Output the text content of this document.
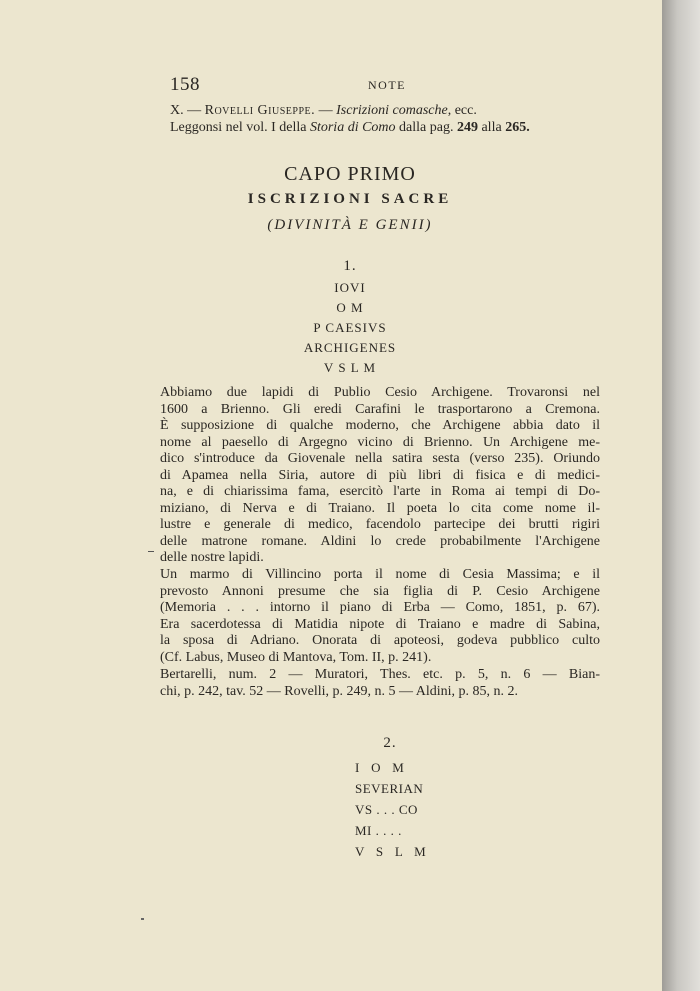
158	NOTE
X. — Rovelli Giuseppe. — Iscrizioni comasche, ecc.
Leggonsi nel vol. I della Storia di Como dalla pag. 249 alla 265.
CAPO PRIMO
ISCRIZIONI SACRE
(DIVINITÀ E GENII)
1.
IOVI
O M
P CAESIVS
ARCHIGENES
V S L M
Abbiamo due lapidi di Publio Cesio Archigene. Trovaronsi nel
1600 a Brienno. Gli eredi Carafini le trasportarono a Cremona.
È supposizione di qualche moderno, che Archigene abbia dato il
nome al paesello di Argegno vicino di Brienno. Un Archigene me-
dico s'introduce da Giovenale nella satira sesta (verso 235). Oriundo
di Apamea nella Siria, autore di più libri di fisica e di medici-
na, e di chiarissima fama, esercitò l'arte in Roma ai tempi di Do-
miziano, di Nerva e di Traiano. Il poeta lo cita come nome il-
lustre e generale di medico, facendolo partecipe dei brutti rigiri
delle matrone romane. Aldini lo crede probabilmente l'Archigene
delle nostre lapidi.
Un marmo di Villincino porta il nome di Cesia Massima; e il
prevosto Annoni presume che sia figlia di P. Cesio Archigene
(Memoria . . . intorno il piano di Erba — Como, 1851, p. 67).
Era sacerdotessa di Matidia nipote di Traiano e madre di Sabina,
la sposa di Adriano. Onorata di apoteosi, godeva pubblico culto
(Cf. Labus, Museo di Mantova, Tom. II, p. 241).
Bertarelli, num. 2 — Muratori, Thes. etc. p. 5, n. 6 — Bian-
chi, p. 242, tav. 52 — Rovelli, p. 249, n. 5 — Aldini, p. 85, n. 2.
2.
I   O   M
SEVERIAN
VS . . . CO
MI . . . .
V   S   L   M
